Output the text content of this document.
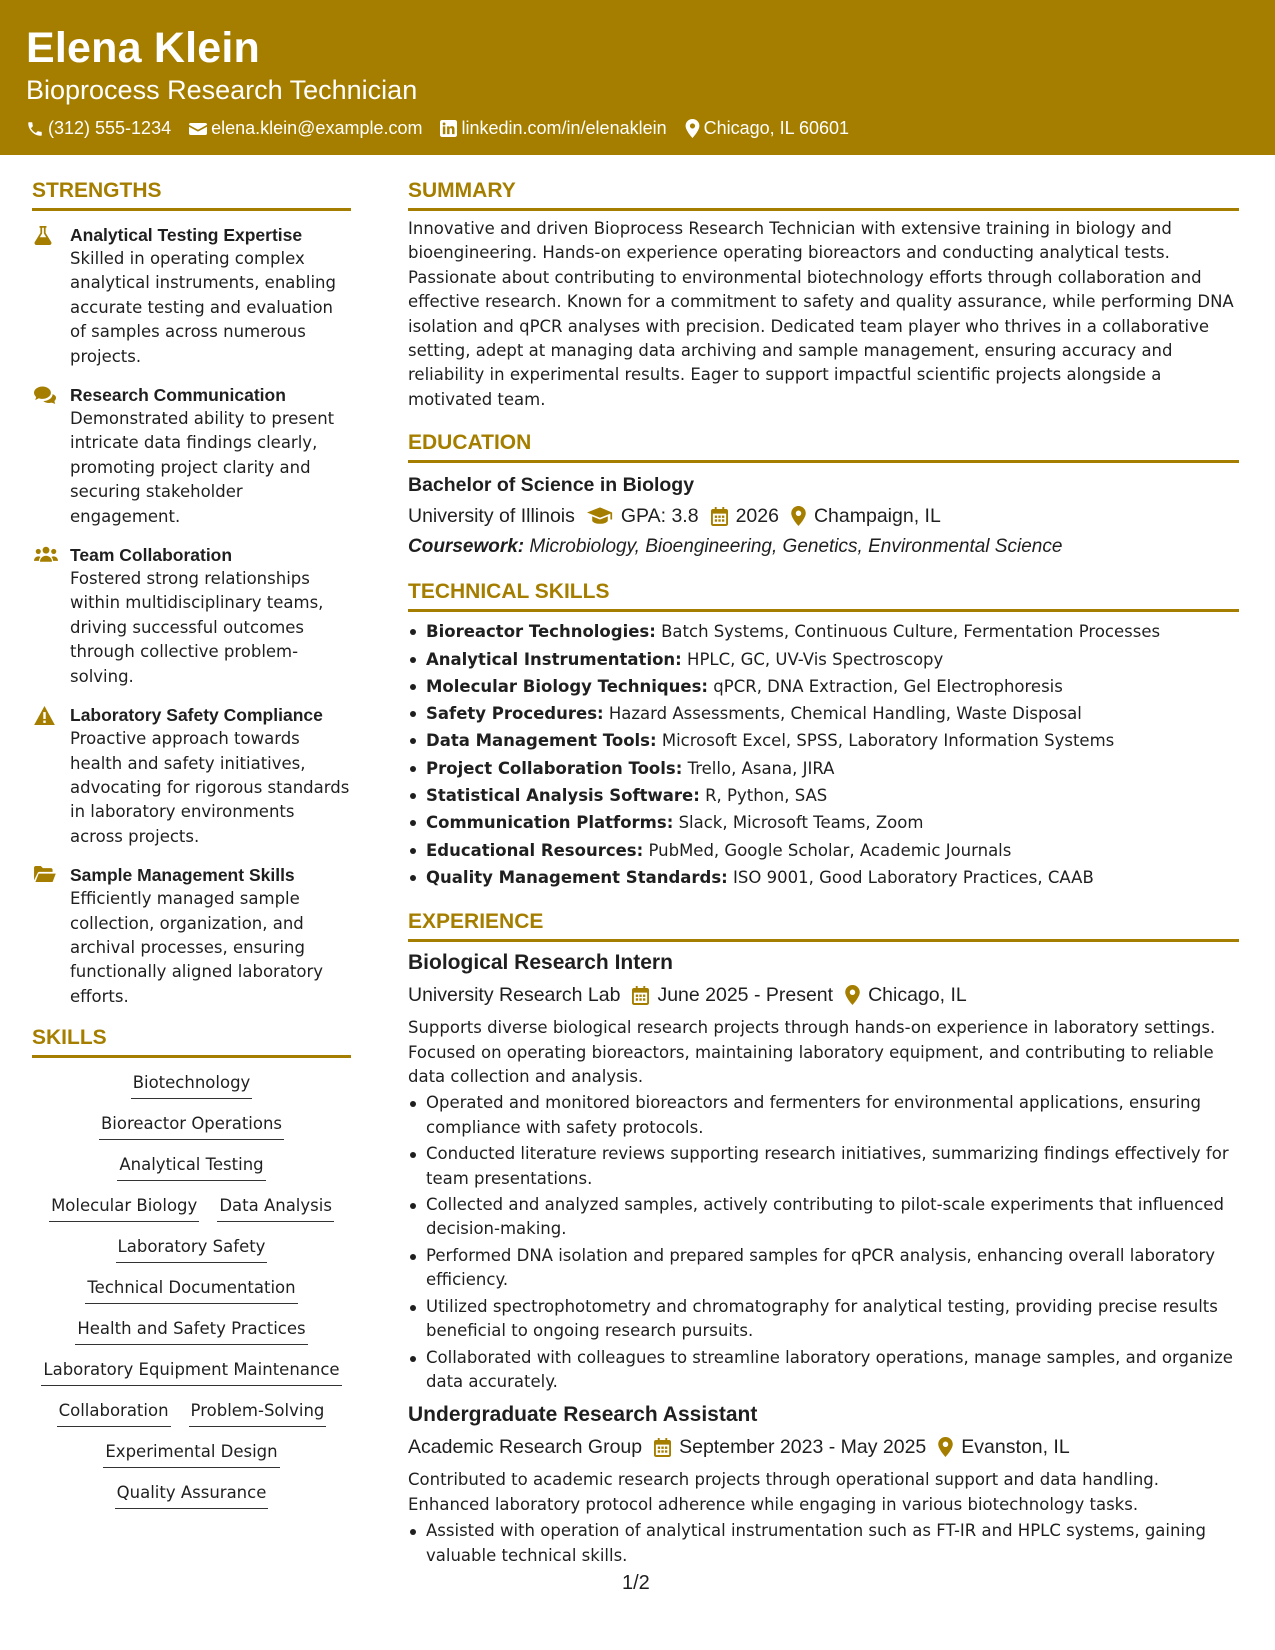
Elena Klein
Bioprocess Research Technician
(312) 555-1234 elena.klein@example.com linkedin.com/in/elenaklein Chicago, IL 60601
STRENGTHS
Analytical Testing Expertise
Skilled in operating complex analytical instruments, enabling accurate testing and evaluation of samples across numerous projects.
Research Communication
Demonstrated ability to present intricate data findings clearly, promoting project clarity and securing stakeholder engagement.
Team Collaboration
Fostered strong relationships within multidisciplinary teams, driving successful outcomes through collective problem-solving.
Laboratory Safety Compliance
Proactive approach towards health and safety initiatives, advocating for rigorous standards in laboratory environments across projects.
Sample Management Skills
Efficiently managed sample collection, organization, and archival processes, ensuring functionally aligned laboratory efforts.
SKILLS
Biotechnology
Bioreactor Operations
Analytical Testing
Molecular Biology Data Analysis
Laboratory Safety
Technical Documentation
Health and Safety Practices
Laboratory Equipment Maintenance
Collaboration Problem-Solving
Experimental Design
Quality Assurance
SUMMARY
Innovative and driven Bioprocess Research Technician with extensive training in biology and bioengineering. Hands-on experience operating bioreactors and conducting analytical tests. Passionate about contributing to environmental biotechnology efforts through collaboration and effective research. Known for a commitment to safety and quality assurance, while performing DNA isolation and qPCR analyses with precision. Dedicated team player who thrives in a collaborative setting, adept at managing data archiving and sample management, ensuring accuracy and reliability in experimental results. Eager to support impactful scientific projects alongside a motivated team.
EDUCATION
Bachelor of Science in Biology
University of Illinois GPA: 3.8 2026 Champaign, IL
Coursework: Microbiology, Bioengineering, Genetics, Environmental Science
TECHNICAL SKILLS
Bioreactor Technologies: Batch Systems, Continuous Culture, Fermentation Processes
Analytical Instrumentation: HPLC, GC, UV-Vis Spectroscopy
Molecular Biology Techniques: qPCR, DNA Extraction, Gel Electrophoresis
Safety Procedures: Hazard Assessments, Chemical Handling, Waste Disposal
Data Management Tools: Microsoft Excel, SPSS, Laboratory Information Systems
Project Collaboration Tools: Trello, Asana, JIRA
Statistical Analysis Software: R, Python, SAS
Communication Platforms: Slack, Microsoft Teams, Zoom
Educational Resources: PubMed, Google Scholar, Academic Journals
Quality Management Standards: ISO 9001, Good Laboratory Practices, CAAB
EXPERIENCE
Biological Research Intern
University Research Lab June 2025 - Present Chicago, IL
Supports diverse biological research projects through hands-on experience in laboratory settings. Focused on operating bioreactors, maintaining laboratory equipment, and contributing to reliable data collection and analysis.
Operated and monitored bioreactors and fermenters for environmental applications, ensuring compliance with safety protocols.
Conducted literature reviews supporting research initiatives, summarizing findings effectively for team presentations.
Collected and analyzed samples, actively contributing to pilot-scale experiments that influenced decision-making.
Performed DNA isolation and prepared samples for qPCR analysis, enhancing overall laboratory efficiency.
Utilized spectrophotometry and chromatography for analytical testing, providing precise results beneficial to ongoing research pursuits.
Collaborated with colleagues to streamline laboratory operations, manage samples, and organize data accurately.
Undergraduate Research Assistant
Academic Research Group September 2023 - May 2025 Evanston, IL
Contributed to academic research projects through operational support and data handling. Enhanced laboratory protocol adherence while engaging in various biotechnology tasks.
Assisted with operation of analytical instrumentation such as FT-IR and HPLC systems, gaining valuable technical skills.
1/2
